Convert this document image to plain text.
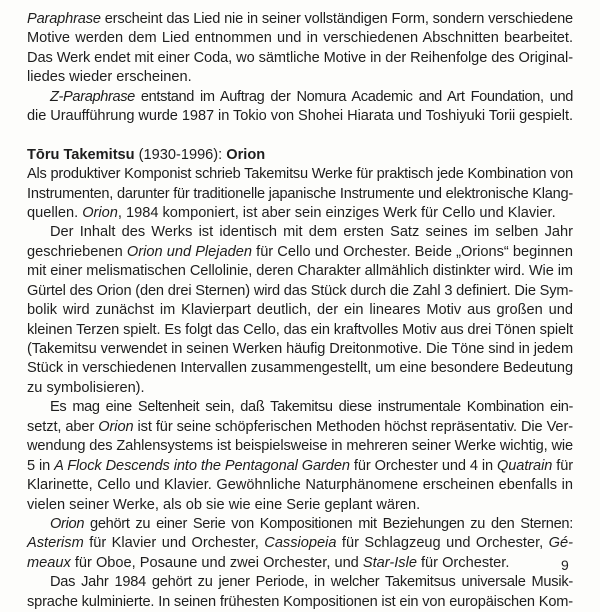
Paraphrase erscheint das Lied nie in seiner vollständigen Form, sondern verschiedene
Motive werden dem Lied entnommen und in verschiedenen Abschnitten bearbeitet.
Das Werk endet mit einer Coda, wo sämtliche Motive in der Reihenfolge des Original-
liedes wieder erscheinen.
Z-Paraphrase entstand im Auftrag der Nomura Academic and Art Foundation, und
die Uraufführung wurde 1987 in Tokio von Shohei Hiarata und Toshiyuki Torii gespielt.
Tōru Takemitsu (1930-1996): Orion
Als produktiver Komponist schrieb Takemitsu Werke für praktisch jede Kombination von
Instrumenten, darunter für traditionelle japanische Instrumente und elektronische Klang-
quellen. Orion, 1984 komponiert, ist aber sein einziges Werk für Cello und Klavier.
Der Inhalt des Werks ist identisch mit dem ersten Satz seines im selben Jahr
geschriebenen Orion und Plejaden für Cello und Orchester. Beide „Orions“ beginnen
mit einer melismatischen Cellolinie, deren Charakter allmählich distinkter wird. Wie im
Gürtel des Orion (den drei Sternen) wird das Stück durch die Zahl 3 definiert. Die Sym-
bolik wird zunächst im Klavierpart deutlich, der ein lineares Motiv aus großen und
kleinen Terzen spielt. Es folgt das Cello, das ein kraftvolles Motiv aus drei Tönen spielt
(Takemitsu verwendet in seinen Werken häufig Dreitonmotive. Die Töne sind in jedem
Stück in verschiedenen Intervallen zusammengestellt, um eine besondere Bedeutung
zu symbolisieren).
Es mag eine Seltenheit sein, daß Takemitsu diese instrumentale Kombination ein-
setzt, aber Orion ist für seine schöpferischen Methoden höchst repräsentativ. Die Ver-
wendung des Zahlensystems ist beispielsweise in mehreren seiner Werke wichtig, wie
5 in A Flock Descends into the Pentagonal Garden für Orchester und 4 in Quatrain für
Klarinette, Cello und Klavier. Gewöhnliche Naturphänomene erscheinen ebenfalls in
vielen seiner Werke, als ob sie wie eine Serie geplant wären.
Orion gehört zu einer Serie von Kompositionen mit Beziehungen zu den Sternen:
Asterism für Klavier und Orchester, Cassiopeia für Schlagzeug und Orchester, Gé-
meaux für Oboe, Posaune und zwei Orchester, und Star-Isle für Orchester.
Das Jahr 1984 gehört zu jener Periode, in welcher Takemitsus universale Musik-
sprache kulminierte. In seinen frühesten Kompositionen ist ein von europäischen Kom-
9
